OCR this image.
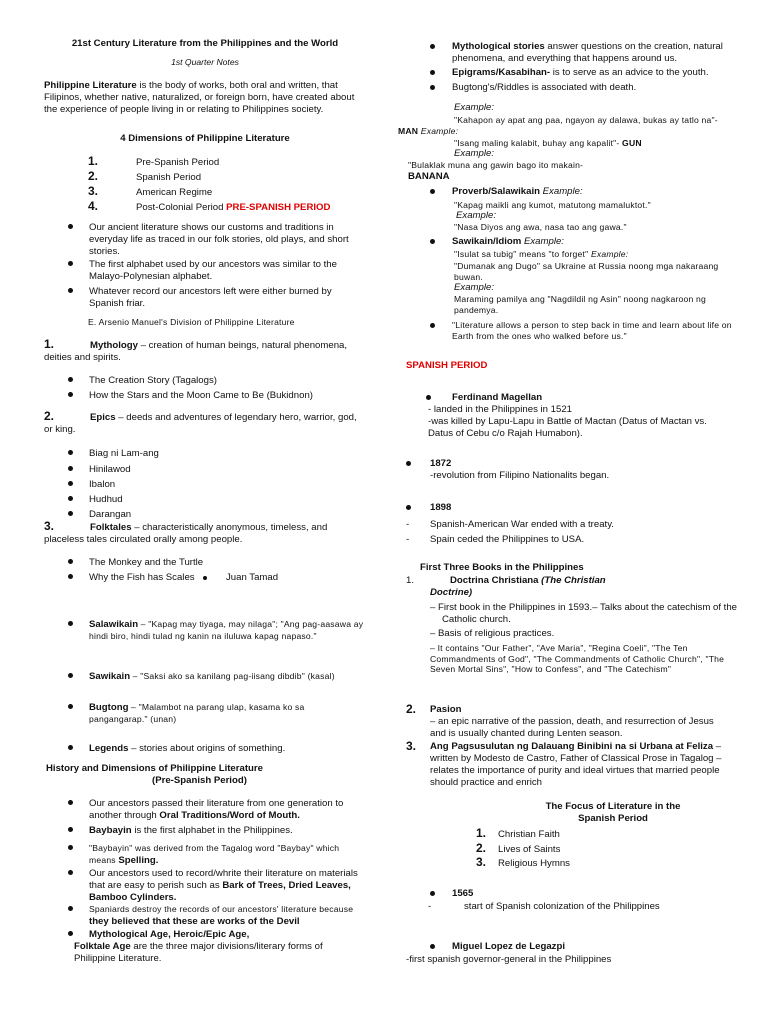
21st Century Literature from the Philippines and the World
1st Quarter Notes
Philippine Literature is the body of works, both oral and written, that Filipinos, whether native, naturalized, or foreign born, have created about the experience of people living in or relating to Philippines society.
4 Dimensions of Philippine Literature
1.	Pre-Spanish Period
2.	Spanish Period
3.	American Regime
4.	Post-Colonial Period PRE-SPANISH PERIOD
Our ancient literature shows our customs and traditions in everyday life as traced in our folk stories, old plays, and short stories.
The first alphabet used by our ancestors was similar to the Malayo-Polynesian alphabet.
Whatever record our ancestors left were either burned by Spanish friar.
E. Arsenio Manuel's Division of Philippine Literature
1.	Mythology – creation of human beings, natural phenomena, deities and spirits.
The Creation Story (Tagalogs)
How the Stars and the Moon Came to Be (Bukidnon)
2.	Epics – deeds and adventures of legendary hero, warrior, god, or king.
Biag ni Lam-ang
Hinilawod
Ibalon
Hudhud
Darangan
3.	Folktales – characteristically anonymous, timeless, and placeless tales circulated orally among people.
The Monkey and the Turtle
Why the Fish has Scales	Juan Tamad
Salawikain – "Kapag may tiyaga, may nilaga"; "Ang pag-aasawa ay hindi biro, hindi tulad ng kanin na iluluwa kapag napaso."
Sawikain – "Saksi ako sa kanilang pag-iisang dibdib" (kasal)
Bugtong – "Malambot na parang ulap, kasama ko sa pangangarap." (unan)
Legends – stories about origins of something.
History and Dimensions of Philippine Literature
(Pre-Spanish Period)
Our ancestors passed their literature from one generation to another through Oral Traditions/Word of Mouth.
Baybayin is the first alphabet in the Philippines.
"Baybayin" was derived from the Tagalog word "Baybay" which means Spelling.
Our ancestors used to record/whrite their literature on materials that are easy to perish such as Bark of Trees, Dried Leaves, Bamboo Cylinders.
Spaniards destroy the records of our ancestors' literature because they believed that these are works of the Devil
Mythological Age, Heroic/Epic Age,
Folktale Age are the three major divisions/literary forms of Philippine Literature.
Mythological stories answer questions on the creation, natural phenomena, and everything that happens around us.
Epigrams/Kasabihan- is to serve as an advice to the youth.
Bugtong's/Riddles is associated with death.
Example:
"Kahapon ay apat ang paa, ngayon ay dalawa, bukas ay tatlo na"- MAN Example:
"Isang maling kalabit, buhay ang kapalit"- GUN
Example:
"Bulaklak muna ang gawin bago ito makain-
BANANA
Proverb/Salawikain Example:
"Kapag maikli ang kumot, matutong mamaluktot."
Example:
"Nasa Diyos ang awa, nasa tao ang gawa."
Sawikain/Idiom Example:
"Isulat sa tubig" means "to forget" Example:
"Dumanak ang Dugo" sa Ukraine at Russia noong mga nakaraang buwan.
Example:
Maraming pamilya ang "Nagdildil ng Asin" noong nagkaroon ng pandemya.
"Literature allows a person to step back in time and learn about life on Earth from the ones who walked before us."
SPANISH PERIOD
Ferdinand Magellan
- landed in the Philippines in 1521
-was killed by Lapu-Lapu in Battle of Mactan (Datus of Mactan vs. Datus of Cebu c/o Rajah Humabon).
1872
-revolution from Filipino Nationalits began.
1898
- Spanish-American War ended with a treaty.
- Spain ceded the Philippines to USA.
First Three Books in the Philippines
1.	Doctrina Christiana (The Christian Doctrine)
– First book in the Philippines in 1593.– Talks about the catechism of the Catholic church.
– Basis of religious practices.
– It contains "Our Father", "Ave Maria", "Regina Coeli", "The Ten Commandments of God", "The Commandments of Catholic Church", "The Seven Mortal Sins", "How to Confess", and "The Catechism"
2. Pasion
– an epic narrative of the passion, death, and resurrection of Jesus and is usually chanted during Lenten season.
3. Ang Pagsusulutan ng Dalauang Binibini na si Urbana at Feliza – written by Modesto de Castro, Father of Classical Prose in Tagalog – relates the importance of purity and ideal virtues that married people should practice and enrich
The Focus of Literature in the Spanish Period
1. Christian Faith
2. Lives of Saints
3. Religious Hymns
1565
-	start of Spanish colonization of the Philippines
Miguel Lopez de Legazpi
-first spanish governor-general in the Philippines
